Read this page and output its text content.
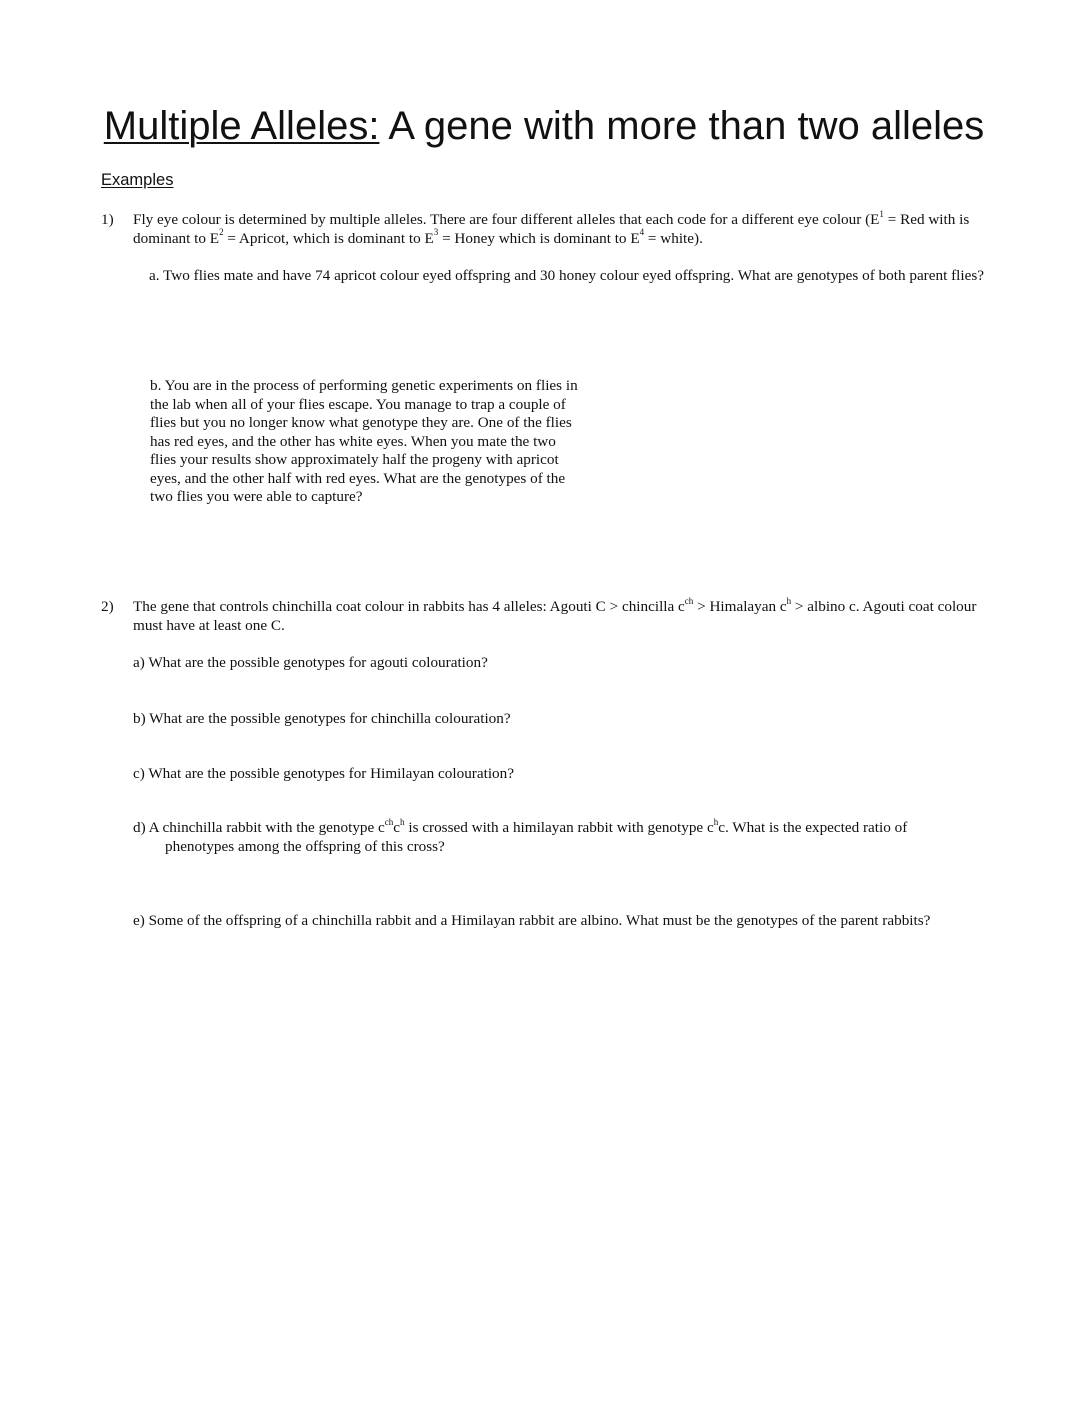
Multiple Alleles: A gene with more than two alleles
Examples
1) Fly eye colour is determined by multiple alleles. There are four different alleles that each code for a different eye colour ($E^1$ = Red with is dominant to $E^2$ = Apricot, which is dominant to $E^3$ = Honey which is dominant to $E^4$ = white).
a. Two flies mate and have 74 apricot colour eyed offspring and 30 honey colour eyed offspring. What are genotypes of both parent flies?
b. You are in the process of performing genetic experiments on flies in
the lab when all of your flies escape. You manage to trap a couple of
flies but you no longer know what genotype they are. One of the flies
has red eyes, and the other has white eyes. When you mate the two
flies your results show approximately half the progeny with apricot
eyes, and the other half with red eyes. What are the genotypes of the
two flies you were able to capture?
2) The gene that controls chinchilla coat colour in rabbits has 4 alleles: Agouti C > chincilla $c^{ch}$ > Himalayan $c^h$ > albino c. Agouti coat colour must have at least one C.
a) What are the possible genotypes for agouti colouration?
b) What are the possible genotypes for chinchilla colouration?
c) What are the possible genotypes for Himilayan colouration?
d) A chinchilla rabbit with the genotype $c^{ch}c^h$ is crossed with a himilayan rabbit with genotype $c^hc$. What is the expected ratio of
phenotypes among the offspring of this cross?
e) Some of the offspring of a chinchilla rabbit and a Himilayan rabbit are albino. What must be the genotypes of the parent rabbits?
